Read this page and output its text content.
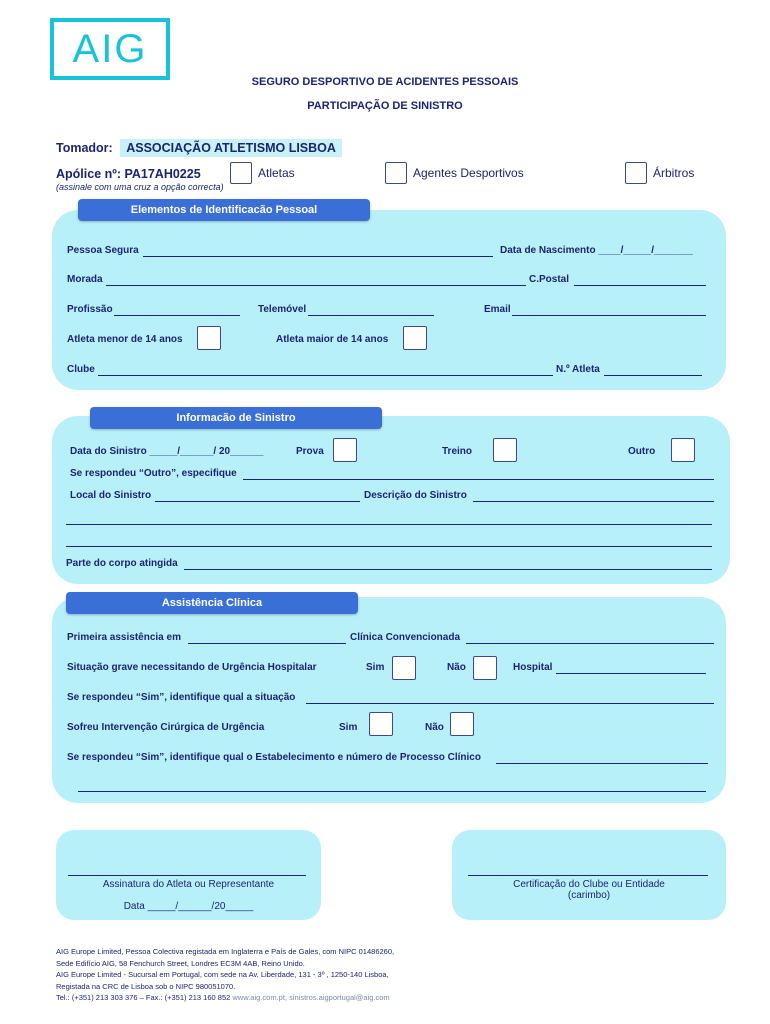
AIG
SEGURO DESPORTIVO DE ACIDENTES PESSOAIS
PARTICIPAÇÃO DE SINISTRO
Tomador: ASSOCIAÇÃO ATLETISMO LISBOA
Apólice nº: PA17AH0225
(assinale com uma cruz a opção correcta)
Atletas	Agentes Desportivos	Árbitros
Elementos de Identificacão Pessoal
Pessoa Segura	Data de Nascimento ____/_____/_______
Morada	C.Postal
Profissão	Telemóvel	Email
Atleta menor de 14 anos	Atleta maior de 14 anos
Clube	N.º Atleta
Informacão de Sinistro
Data do Sinistro _____/______/ 20______	Prova	Treino	Outro
Se respondeu “Outro”, especifique
Local do Sinistro	Descrição do Sinistro
Parte do corpo atingida
Assistência Clínica
Primeira assistência em	Clínica Convencionada
Situação grave necessitando de Urgência Hospitalar	Sim	Não	Hospital
Se respondeu “Sim”, identifique qual a situação
Sofreu Intervenção Cirúrgica de Urgência	Sim	Não
Se respondeu “Sim”, identifique qual o Estabelecimento e número de Processo Clínico
Assinatura do Atleta ou Representante
Data _____/______/20_____
Certificação do Clube ou Entidade
(carimbo)
AIG Europe Limited, Pessoa Colectiva registada em Inglaterra e País de Gales, com NIPC 01486260,
Sede Edifício AIG, 58 Fenchurch Street, Londres EC3M 4AB, Reino Unido.
AIG Europe Limited - Sucursal em Portugal, com sede na Av. Liberdade, 131 - 3º , 1250-140 Lisboa,
Registada na CRC de Lisboa sob o NIPC 980051070.
Tel.: (+351) 213 303 376 – Fax.: (+351) 213 160 852 www.aig.com.pt, sinistros.aigportugal@aig.com
